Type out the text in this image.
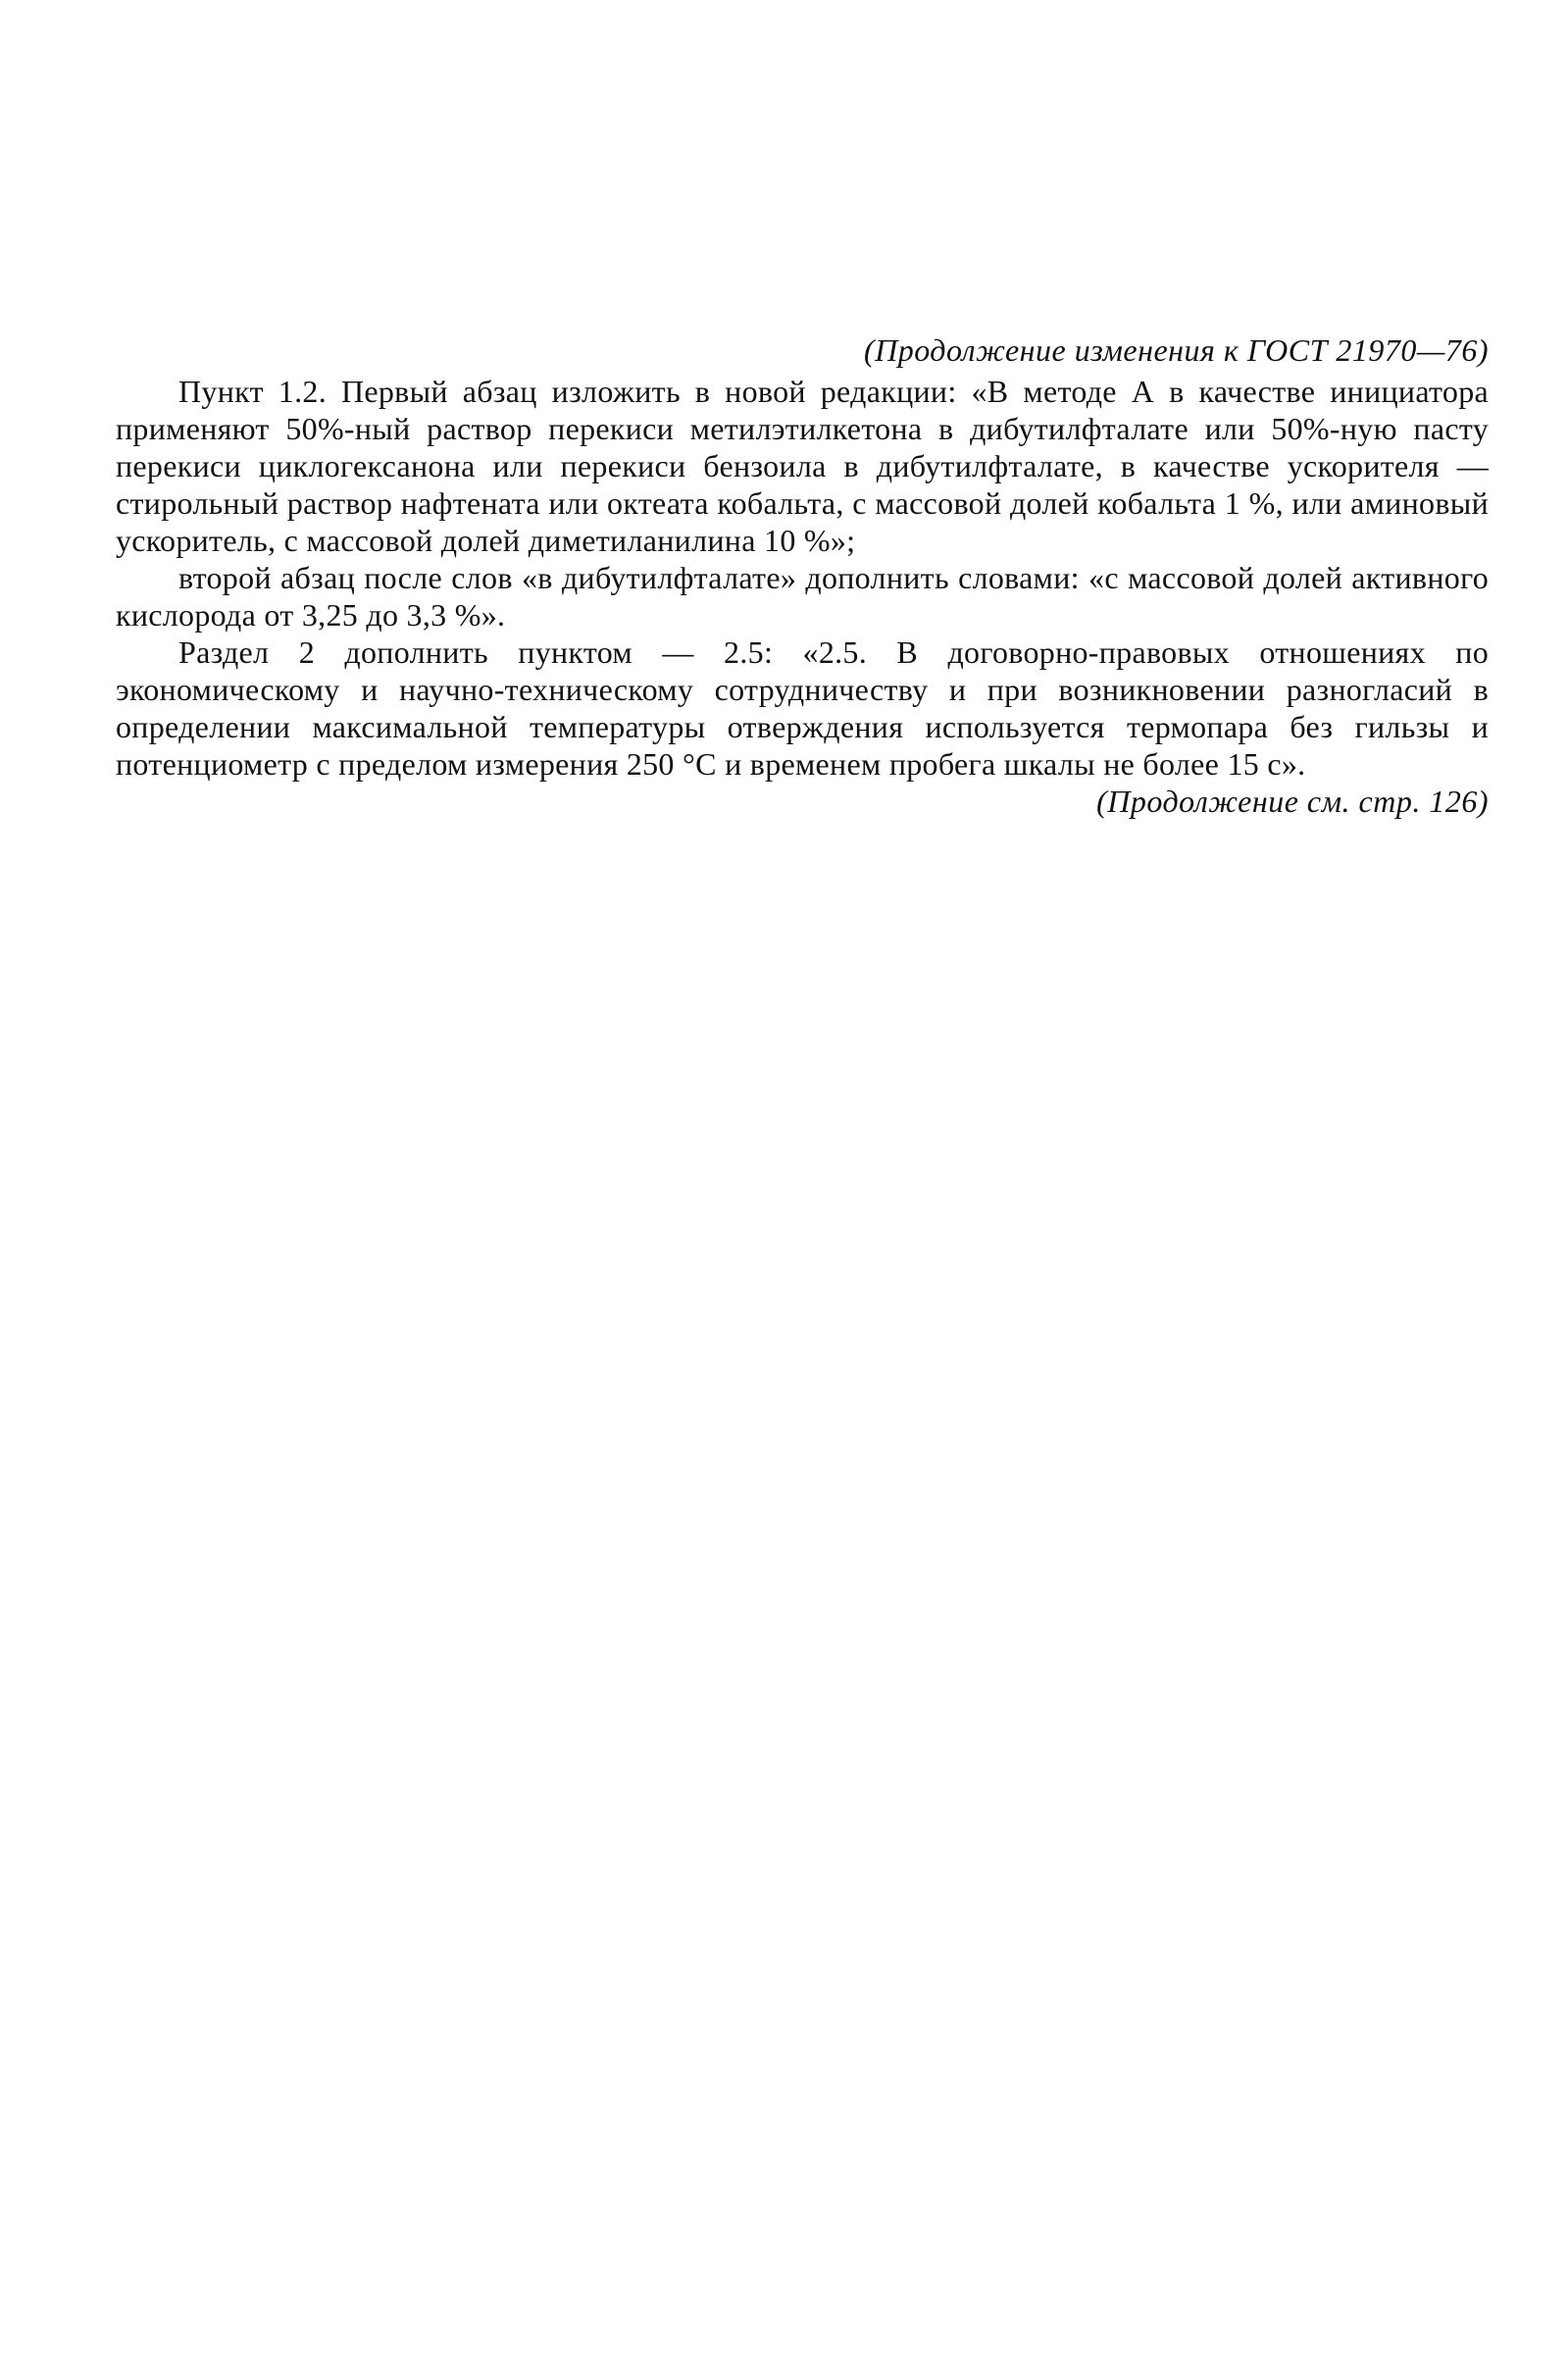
(Продолжение изменения к ГОСТ 21970—76)

Пункт 1.2. Первый абзац изложить в новой редакции: «В методе А в качестве инициатора применяют 50%-ный раствор перекиси метилэтилкетона в дибутилфталате или 50%-ную пасту перекиси циклогексанона или перекиси бензоила в дибутилфталате, в качестве ускорителя — стирольный раствор нафтената или октеата кобальта, с массовой долей кобальта 1 %, или аминовый ускоритель, с массовой долей диметиланилина 10 %»;

второй абзац после слов «в дибутилфталате» дополнить словами: «с массовой долей активного кислорода от 3,25 до 3,3 %».

Раздел 2 дополнить пунктом — 2.5: «2.5. В договорно-правовых отношениях по экономическому и научно-техническому сотрудничеству и при возникновении разногласий в определении максимальной температуры отверждения используется термопара без гильзы и потенциометр с пределом измерения 250 °С и временем пробега шкалы не более 15 с».

(Продолжение см. стр. 126)
